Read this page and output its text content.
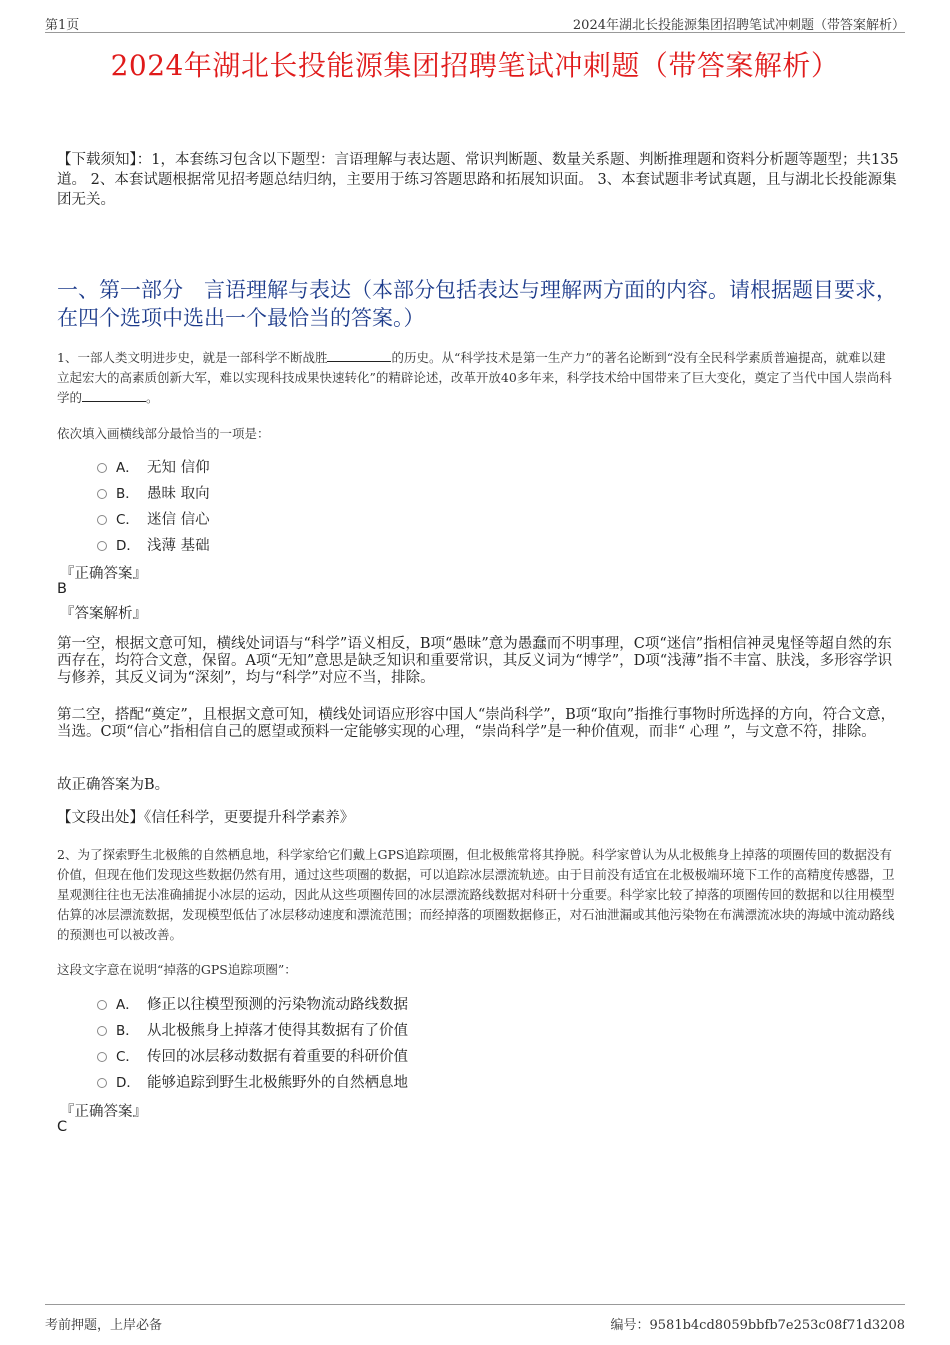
第1页	2024年湖北长投能源集团招聘笔试冲刺题（带答案解析）
2024年湖北长投能源集团招聘笔试冲刺题（带答案解析）
【下载须知】：1，本套练习包含以下题型：言语理解与表达题、常识判断题、数量关系题、判断推理题和资料分析题等题型；共135道。 2、本套试题根据常见招考题总结归纳，主要用于练习答题思路和拓展知识面。 3、本套试题非考试真题，且与湖北长投能源集团无关。
一、第一部分　言语理解与表达（本部分包括表达与理解两方面的内容。请根据题目要求，在四个选项中选出一个最恰当的答案。）
1、一部人类文明进步史，就是一部科学不断战胜	的历史。从“科学技术是第一生产力”的著名论断到“没有全民科学素质普遍提高，就难以建立起宏大的高素质创新大军，难以实现科技成果快速转化”的精辟论述，改革开放40多年来，科学技术给中国带来了巨大变化，奠定了当代中国人崇尚科学的	。
依次填入画横线部分最恰当的一项是：
A． 无知 信仰
B． 愚昧 取向
C． 迷信 信心
D． 浅薄 基础
『正确答案』
B
『答案解析』
第一空，根据文意可知，横线处词语与“科学”语义相反，B项“愚昧”意为愚蠢而不明事理，C项“迷信”指相信神灵鬼怪等超自然的东西存在，均符合文意，保留。A项“无知”意思是缺乏知识和重要常识，其反义词为“博学”，D项“浅薄”指不丰富、肤浅，多形容学识与修养，其反义词为“深刻”，均与“科学”对应不当，排除。
第二空，搭配“奠定”，且根据文意可知，横线处词语应形容中国人“崇尚科学”，B项“取向”指推行事物时所选择的方向，符合文意，当选。C项“信心”指相信自己的愿望或预料一定能够实现的心理，“崇尚科学”是一种价值观，而非“ 心理 ”，与文意不符，排除。
故正确答案为B。
【文段出处】《信任科学，更要提升科学素养》
2、为了探索野生北极熊的自然栖息地，科学家给它们戴上GPS追踪项圈，但北极熊常将其挣脱。科学家曾认为从北极熊身上掉落的项圈传回的数据没有价值，但现在他们发现这些数据仍然有用，通过这些项圈的数据，可以追踪冰层漂流轨迹。由于目前没有适宜在北极极端环境下工作的高精度传感器，卫星观测往往也无法准确捕捉小冰层的运动，因此从这些项圈传回的冰层漂流路线数据对科研十分重要。科学家比较了掉落的项圈传回的数据和以往用模型估算的冰层漂流数据，发现模型低估了冰层移动速度和漂流范围；而经掉落的项圈数据修正，对石油泄漏或其他污染物在布满漂流冰块的海域中流动路线的预测也可以被改善。
这段文字意在说明“掉落的GPS追踪项圈”：
A． 修正以往模型预测的污染物流动路线数据
B． 从北极熊身上掉落才使得其数据有了价值
C． 传回的冰层移动数据有着重要的科研价值
D． 能够追踪到野生北极熊野外的自然栖息地
『正确答案』
C
考前押题，上岸必备	编号：9581b4cd8059bbfb7e253c08f71d3208
